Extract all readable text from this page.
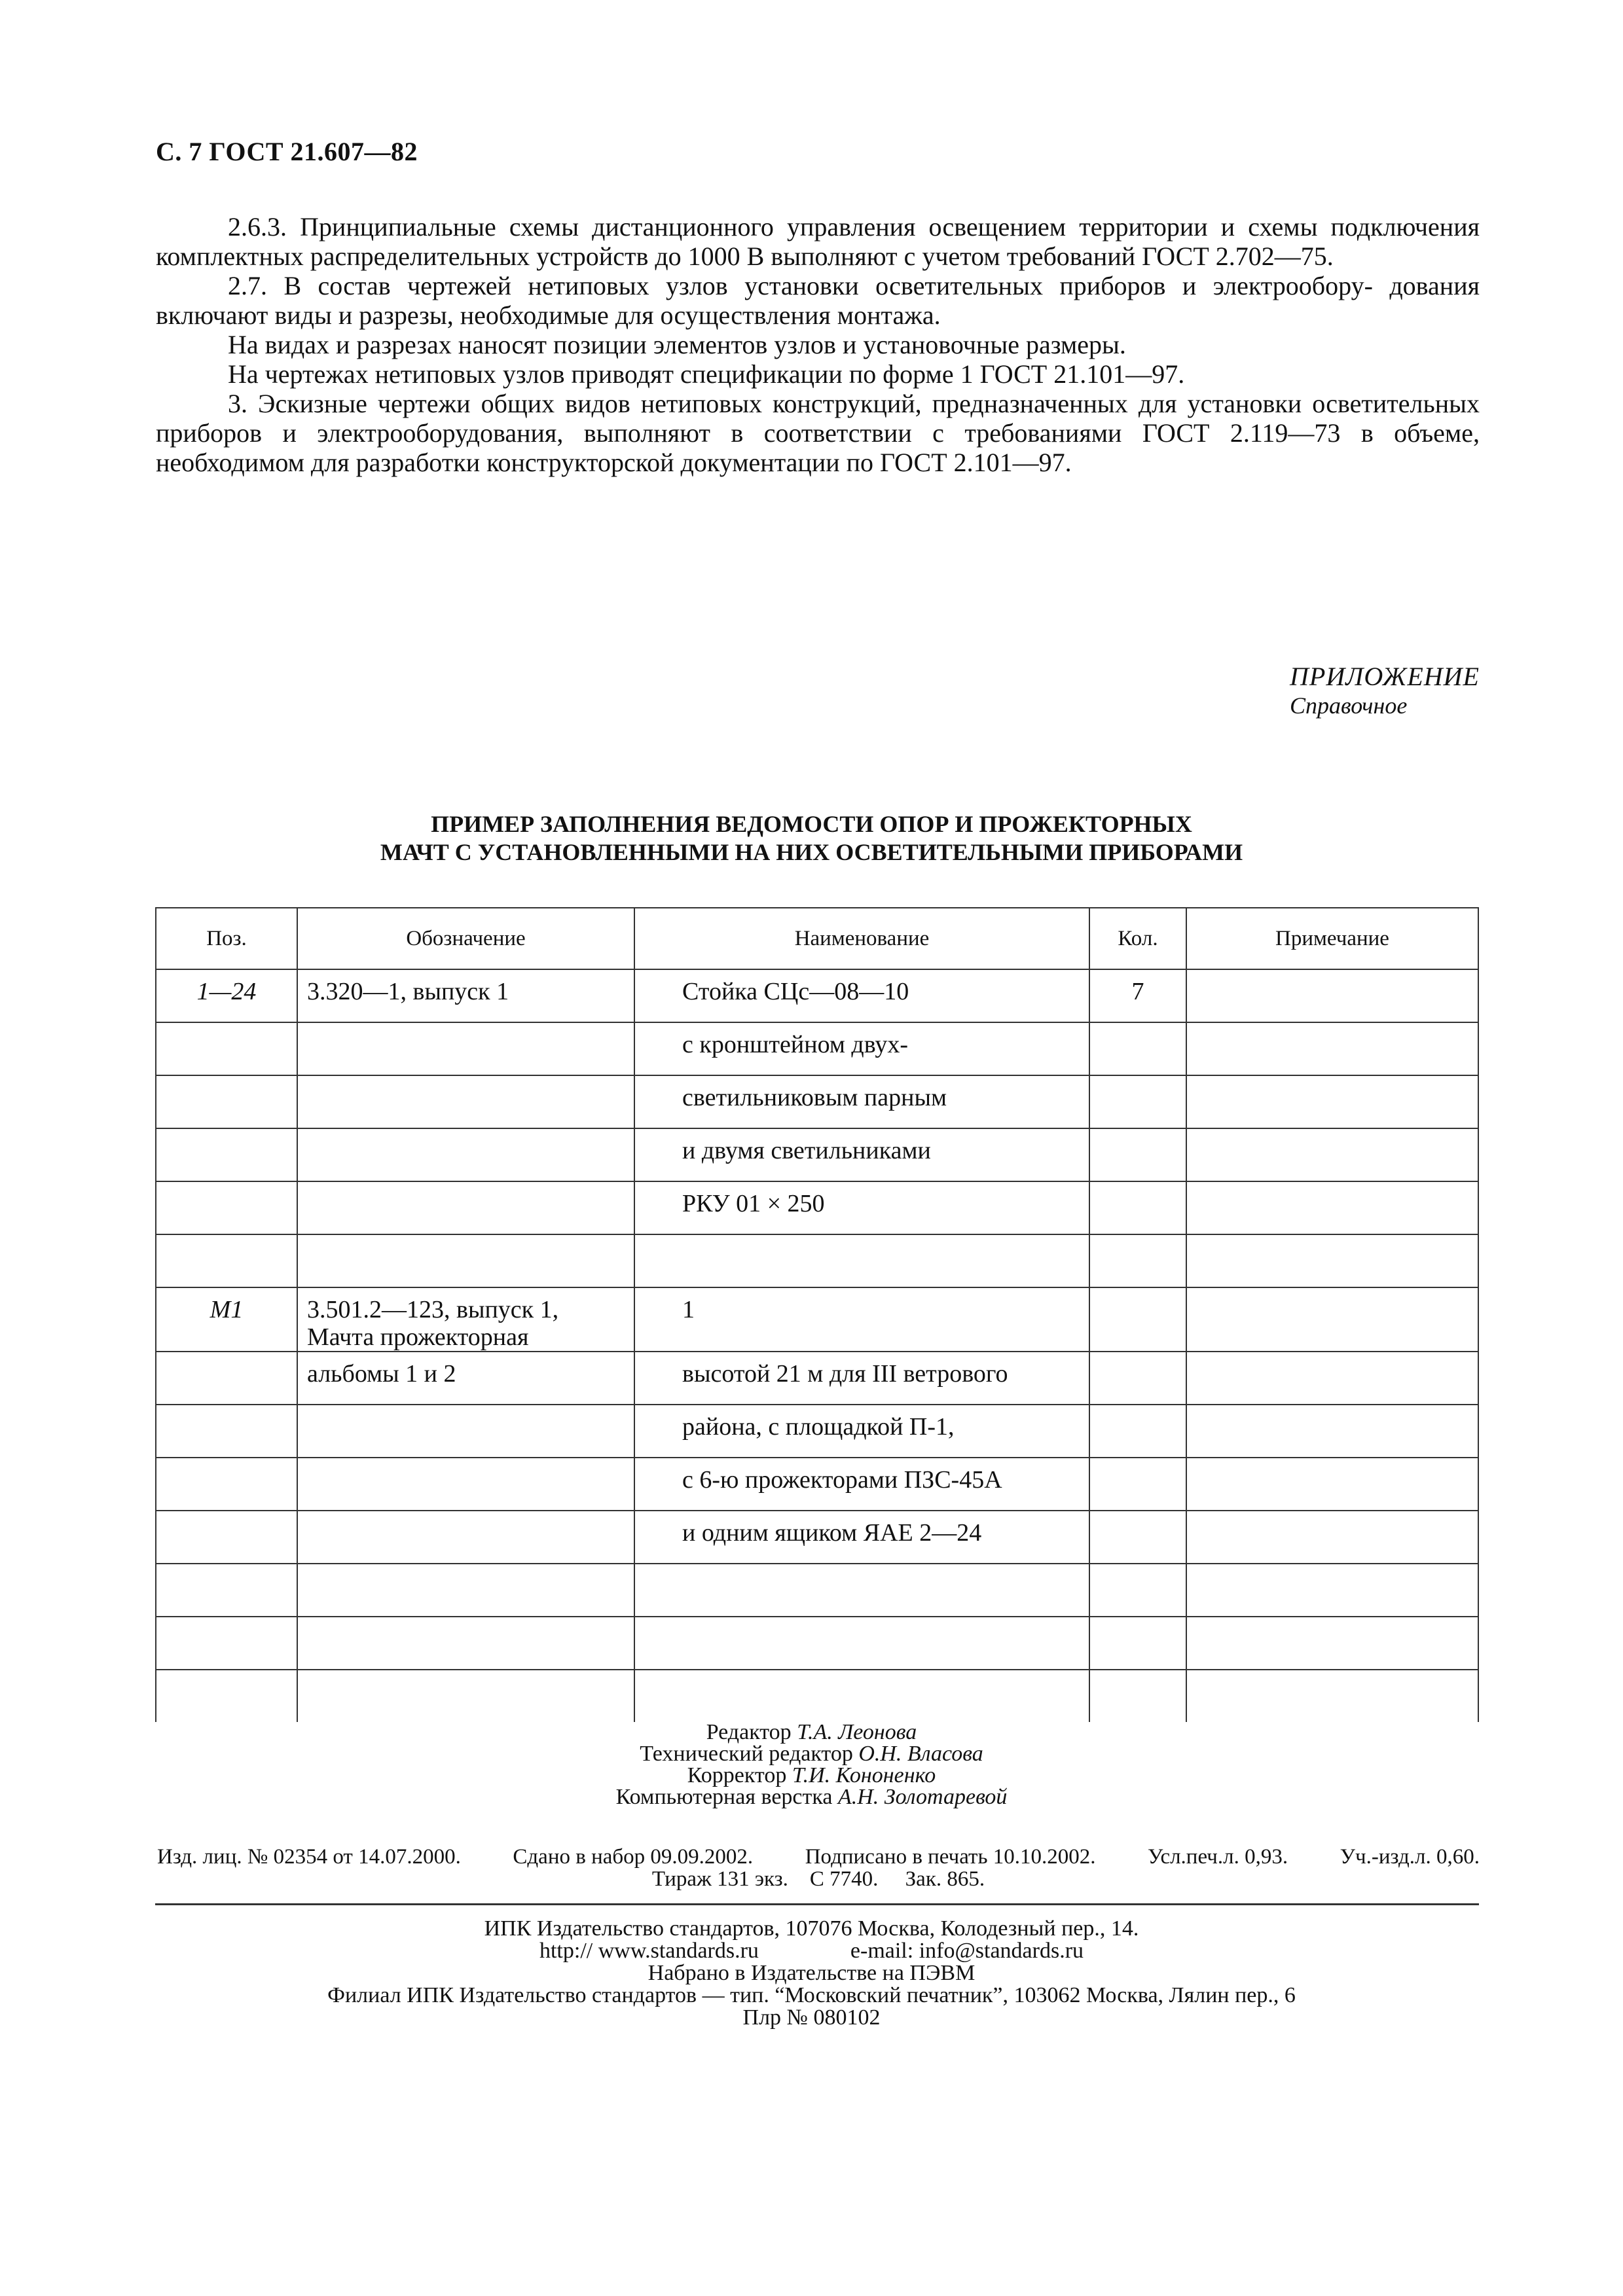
С. 7 ГОСТ 21.607—82

2.6.3. Принципиальные схемы дистанционного управления освещением территории и схемы подключения комплектных распределительных устройств до 1000 В выполняют с учетом требований ГОСТ 2.702—75.

2.7. В состав чертежей нетиповых узлов установки осветительных приборов и электрообору- дования включают виды и разрезы, необходимые для осуществления монтажа.

На видах и разрезах наносят позиции элементов узлов и установочные размеры.

На чертежах нетиповых узлов приводят спецификации по форме 1 ГОСТ 21.101—97.

3. Эскизные чертежи общих видов нетиповых конструкций, предназначенных для установки осветительных приборов и электрооборудования, выполняют в соответствии с требованиями ГОСТ 2.119—73 в объеме, необходимом для разработки конструкторской документации по ГОСТ 2.101—97.

ПРИЛОЖЕНИЕ
Справочное
ПРИМЕР ЗАПОЛНЕНИЯ ВЕДОМОСТИ ОПОР И ПРОЖЕКТОРНЫХ
МАЧТ С УСТАНОВЛЕННЫМИ НА НИХ ОСВЕТИТЕЛЬНЫМИ ПРИБОРАМИ
Поз.	Обозначение	Наименование	Кол.	Примечание
1—24	3.320—1, выпуск 1	Стойка СЦс—08—10	7	
		с кронштейном двух-		
		светильниковым парным		
		и двумя светильниками		
		РКУ 01 × 250		

М1	3.501.2—123, выпуск 1, Мачта прожекторная	1		
	альбомы 1 и 2	высотой 21 м для III ветрового		
		района, с площадкой П-1,		
		с 6-ю прожекторами ПЗС-45А		
		и одним ящиком ЯАЕ 2—24		

Редактор Т.А. Леонова
Технический редактор О.Н. Власова
Корректор Т.И. Кононенко
Компьютерная верстка А.Н. Золотаревой
Изд. лиц. № 02354 от 14.07.2000. Сдано в набор 09.09.2002. Подписано в печать 10.10.2002. Усл.печ.л. 0,93. Уч.-изд.л. 0,60.
Тираж 131 экз. С 7740. Зак. 865.
ИПК Издательство стандартов, 107076 Москва, Колодезный пер., 14.
http:// www.standards.ru	e-mail: info@standards.ru
Набрано в Издательстве на ПЭВМ
Филиал ИПК Издательство стандартов — тип. “Московский печатник”, 103062 Москва, Лялин пер., 6
Плр № 080102
